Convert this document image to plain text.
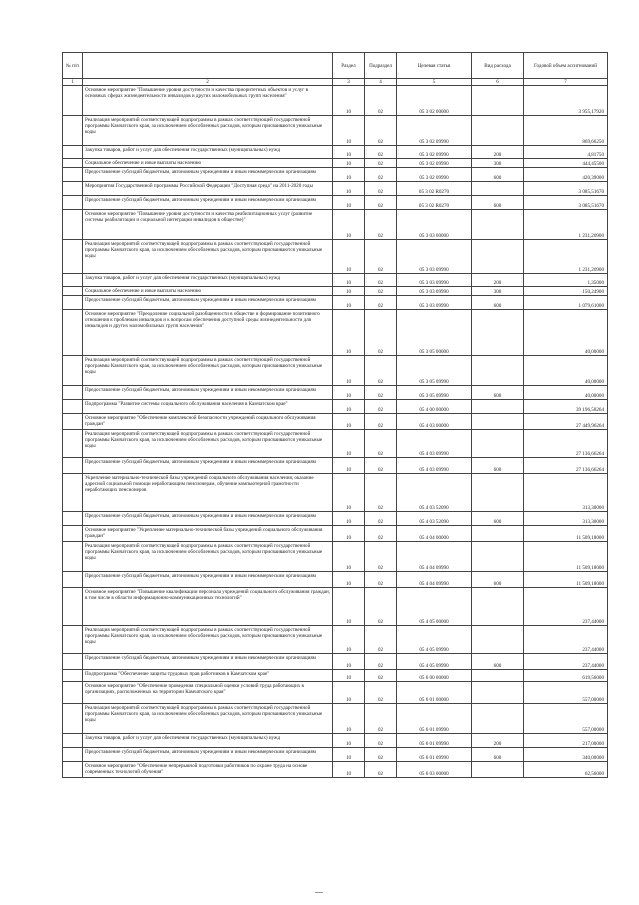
№ п/п		Раздел	Подраздел	Целевая статья	Вид расхода	Годовой объем ассигнований
1	2	3	4	5	6	7
	Основное мероприятие "Повышение уровня доступности и качества приоритетных объектов и услуг в основных сферах жизнедеятельности инвалидов и других маломобильных групп населения"	10	02	05 3 02 00000		3 955,17920
	Реализация мероприятий соответствующей подпрограммы в рамках соответствующей государственной программы Камчатского края, за исключением обособленных расходов, которым присваиваются уникальные коды	10	02	05 3 02 09990		869,66250
	Закупка товаров, работ и услуг для обеспечения государственных (муниципальных) нужд	10	02	05 3 02 09990	200	4,81750
	Социальное обеспечение и иные выплаты населению	10	02	05 3 02 09990	300	444,45500
	Предоставление субсидий бюджетным, автономным учреждениям и иным некоммерческим организациям	10	02	05 3 02 09990	600	420,39000
	Мероприятия Государственной программы Российской Федерации "Доступная среда" на 2011-2020 годы	10	02	05 3 02 R0270		3 085,51670
	Предоставление субсидий бюджетным, автономным учреждениям и иным некоммерческим организациям	10	02	05 3 02 R0270	600	3 085,51670
	Основное мероприятие "Повышение уровня доступности и качества реабилитационных услуг (развитие системы реабилитации и социальной интеграции инвалидов в обществе)"	10	02	05 3 03 00000		1 231,20900
	Реализация мероприятий соответствующей подпрограммы в рамках соответствующей государственной программы Камчатского края, за исключением обособленных расходов, которым присваиваются уникальные коды	10	02	05 3 03 09990		1 231,20900
	Закупка товаров, работ и услуг для обеспечения государственных (муниципальных) нужд	10	02	05 3 03 09990	200	1,35000
	Социальное обеспечение и иные выплаты населению	10	02	05 3 03 09990	300	150,24900
	Предоставление субсидий бюджетным, автономным учреждениям и иным некоммерческим организациям	10	02	05 3 03 09990	600	1 079,61000
	Основное мероприятие "Преодоление социальной разобщенности в обществе и формирование позитивного отношения к проблемам инвалидов и к вопросам обеспечения доступной среды жизнедеятельности для инвалидов и других маломобильных групп населения"	10	02	05 3 05 00000		40,00000
	Реализация мероприятий соответствующей подпрограммы в рамках соответствующей государственной программы Камчатского края, за исключением обособленных расходов, которым присваиваются уникальные коды	10	02	05 3 05 09990		40,00000
	Предоставление субсидий бюджетным, автономным учреждениям и иным некоммерческим организациям	10	02	05 3 05 09990	600	40,00000
	Подпрограмма "Развитие системы социального обслуживания населения в Камчатском крае"	10	02	05 4 00 00000		39 196,58264
	Основное мероприятие "Обеспечение комплексной безопасности учреждений социального обслуживания граждан"	10	02	05 4 03 00000		27 449,96264
	Реализация мероприятий соответствующей подпрограммы в рамках соответствующей государственной программы Камчатского края, за исключением обособленных расходов, которым присваиваются уникальные коды	10	02	05 4 03 09990		27 136,66264
	Предоставление субсидий бюджетным, автономным учреждениям и иным некоммерческим организациям	10	02	05 4 03 09990	600	27 136,66264
	Укрепление материально-технической базы учреждений социального обслуживания населения, оказание адресной социальной помощи неработающим пенсионерам, обучение компьютерной грамотности неработающих пенсионеров	10	02	05 4 03 52090		313,30000
	Предоставление субсидий бюджетным, автономным учреждениям и иным некоммерческим организациям	10	02	05 4 03 52090	600	313,30000
	Основное мероприятие "Укрепление материально-технической базы учреждений социального обслуживания граждан"	10	02	05 4 04 00000		11 509,18000
	Реализация мероприятий соответствующей подпрограммы в рамках соответствующей государственной программы Камчатского края, за исключением обособленных расходов, которым присваиваются уникальные коды	10	02	05 4 04 09990		11 509,18000
	Предоставление субсидий бюджетным, автономным учреждениям и иным некоммерческим организациям	10	02	05 4 04 09990	600	11 509,18000
	Основное мероприятие "Повышение квалификации персонала учреждений социального обслуживания граждан, в том числе в области информационно-коммуникационных технологий"	10	02	05 4 05 00000		237,44000
	Реализация мероприятий соответствующей подпрограммы в рамках соответствующей государственной программы Камчатского края, за исключением обособленных расходов, которым присваиваются уникальные коды	10	02	05 4 05 09990		237,44000
	Предоставление субсидий бюджетным, автономным учреждениям и иным некоммерческим организациям	10	02	05 4 05 09990	600	237,44000
	Подпрограмма "Обеспечение защиты трудовых прав работников в Камчатском крае"	10	02	05 6 00 00000		619,56000
	Основное мероприятие "Обеспечение проведения специальной оценки условий труда работающих в организациях, расположенных на территории Камчатского края"	10	02	05 6 01 00000		557,00000
	Реализация мероприятий соответствующей подпрограммы в рамках соответствующей государственной программы Камчатского края, за исключением обособленных расходов, которым присваиваются уникальные коды	10	02	05 6 01 09990		557,00000
	Закупка товаров, работ и услуг для обеспечения государственных (муниципальных) нужд	10	02	05 6 01 09990	200	217,00000
	Предоставление субсидий бюджетным, автономным учреждениям и иным некоммерческим организациям	10	02	05 6 01 09990	600	340,00000
	Основное мероприятие "Обеспечение непрерывной подготовки работников по охране труда на основе современных технологий обучения"	10	02	05 6 03 00000		62,56000
